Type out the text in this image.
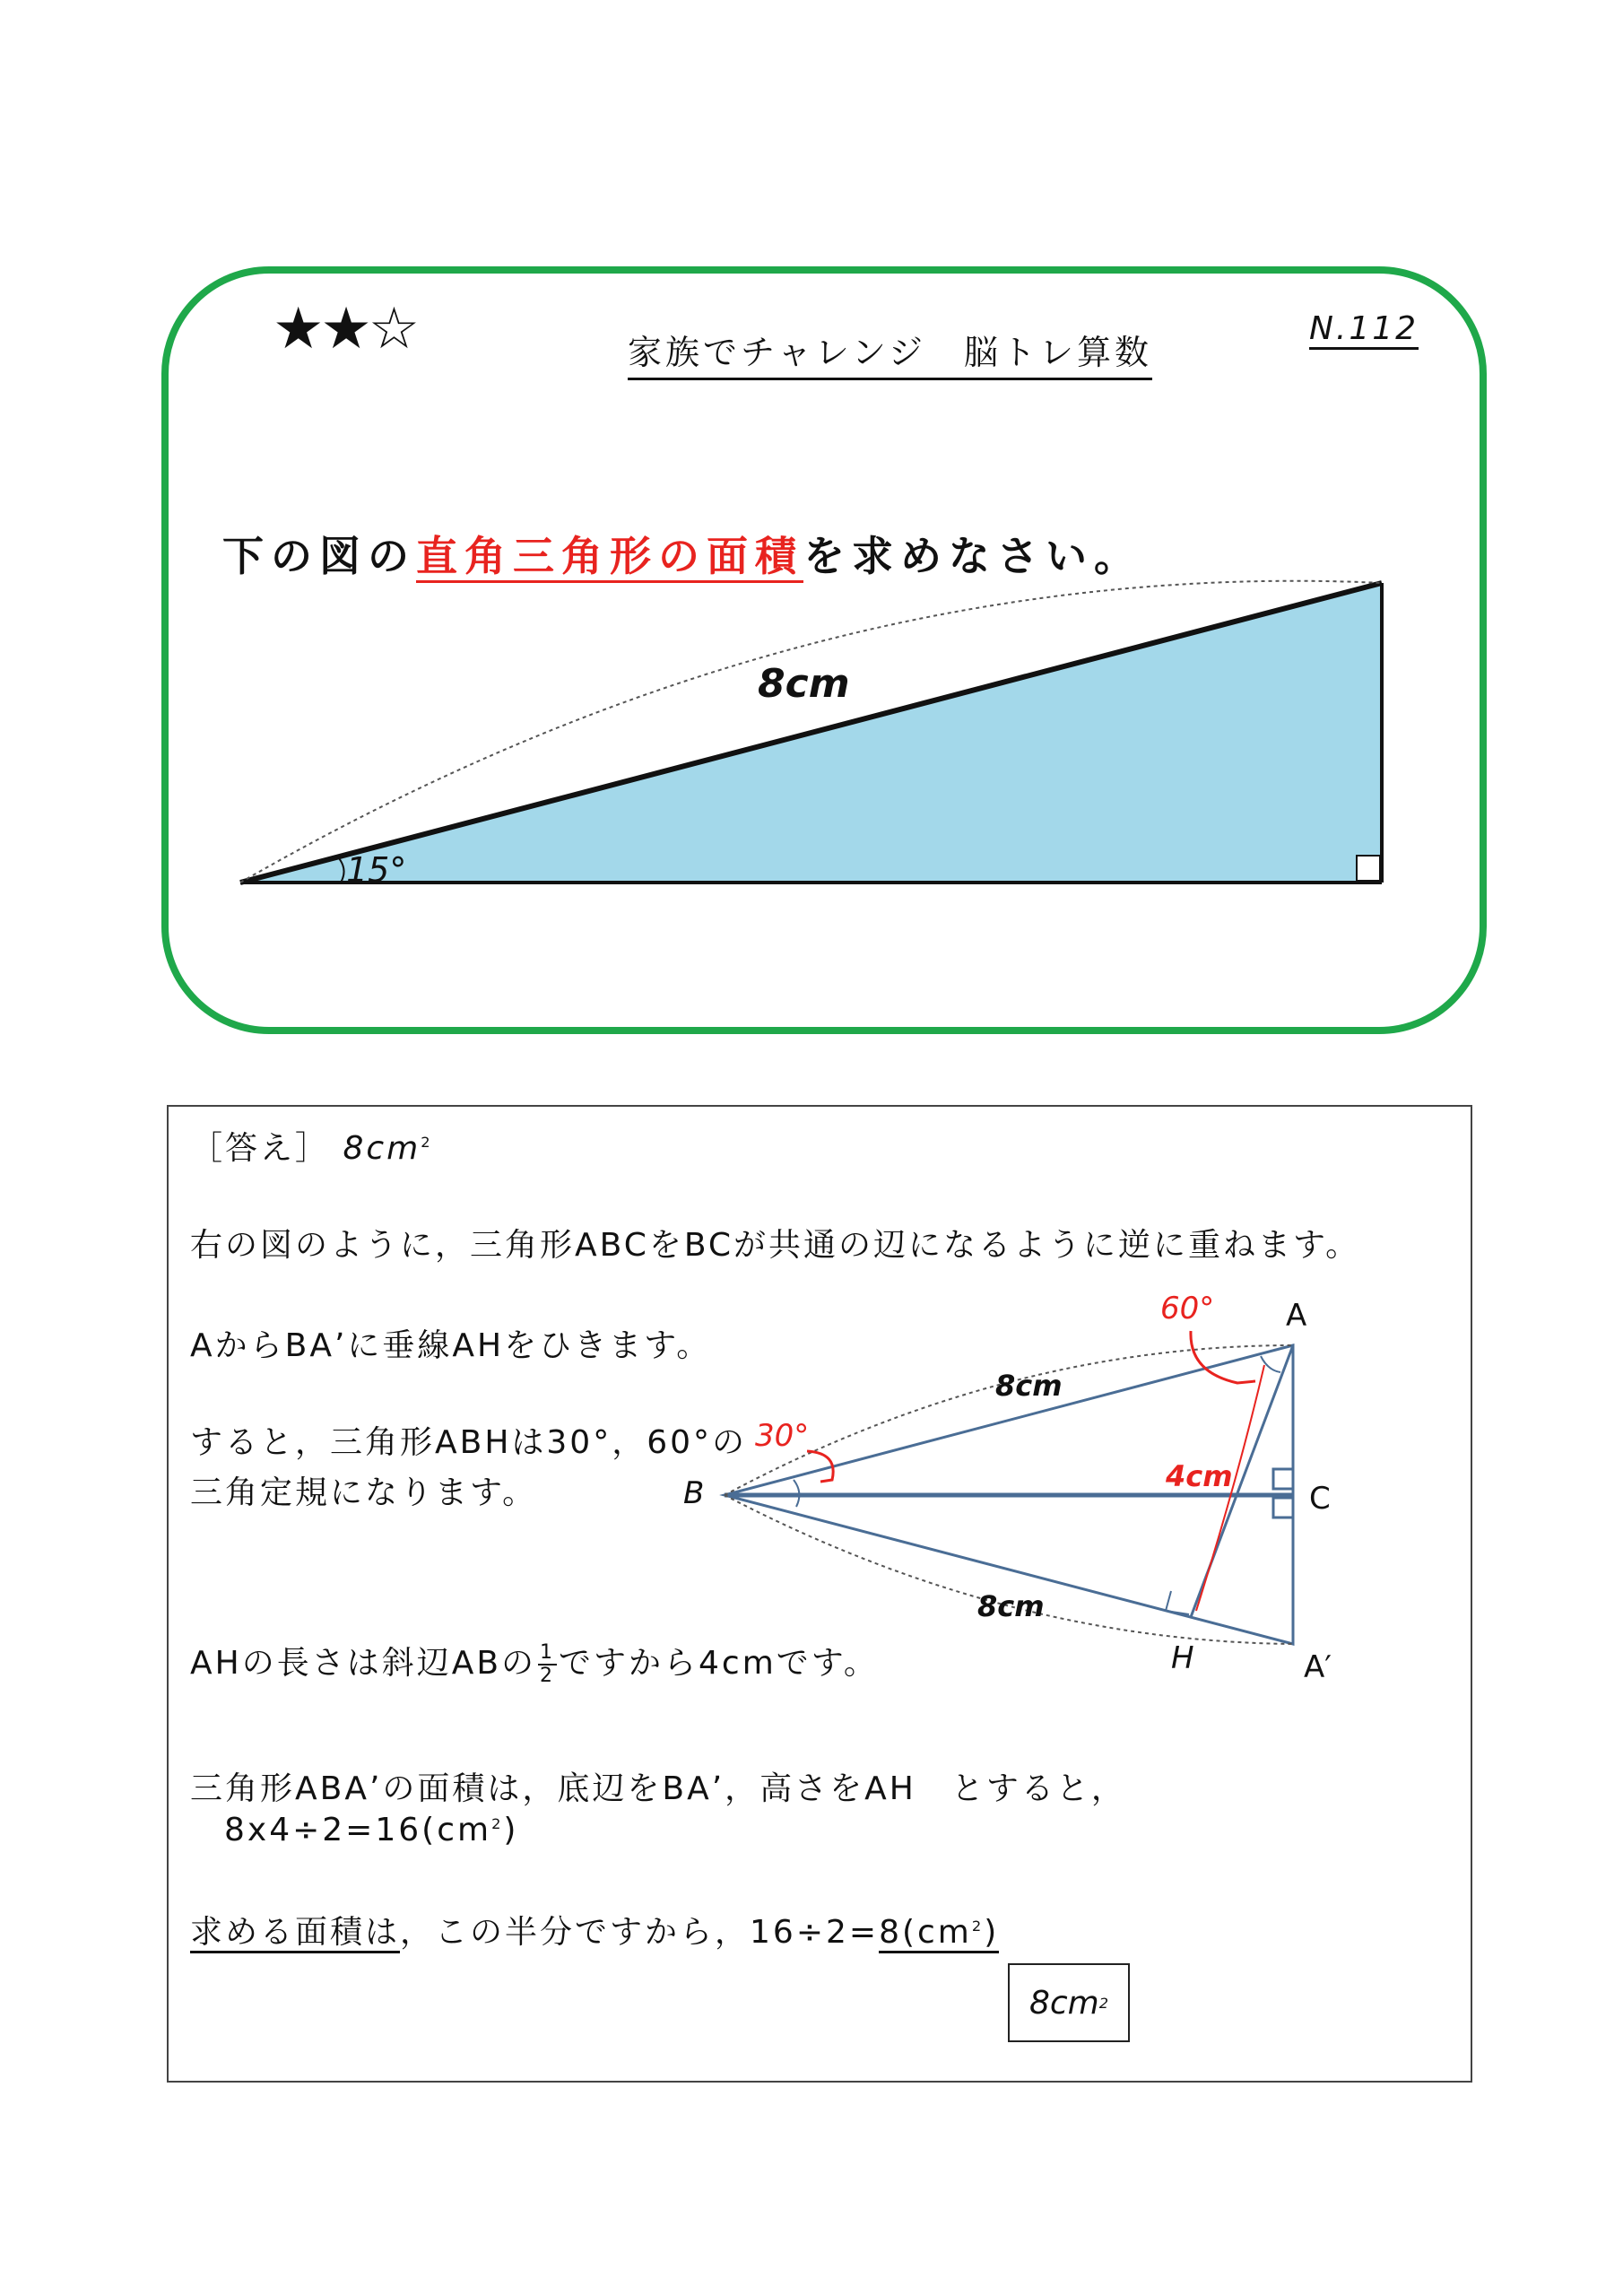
★★☆	家族でチャレンジ　脳トレ算数
N.112
下の図の直角三角形の面積を求めなさい。
8cm
15°
［答え］ $8cm^2$
右の図のように，三角形ABCをBCが共通の辺になるように逆に重ねます。
AからBA’に垂線AHをひきます。
すると，三角形ABHは30°，60°の
三角定規になります。
AHの長さは斜辺ABの $\frac{1}{2}$ ですから4cmです。
三角形ABA’の面積は，底辺をBA’，高さをAH　とすると，
$8x4\div 2=16(cm^2)$
求める面積は，この半分ですから，$16\div 2=8(cm^2)$
8cm 2
A
B	C
H	A′
8cm
8cm
4cm
30°
60°
